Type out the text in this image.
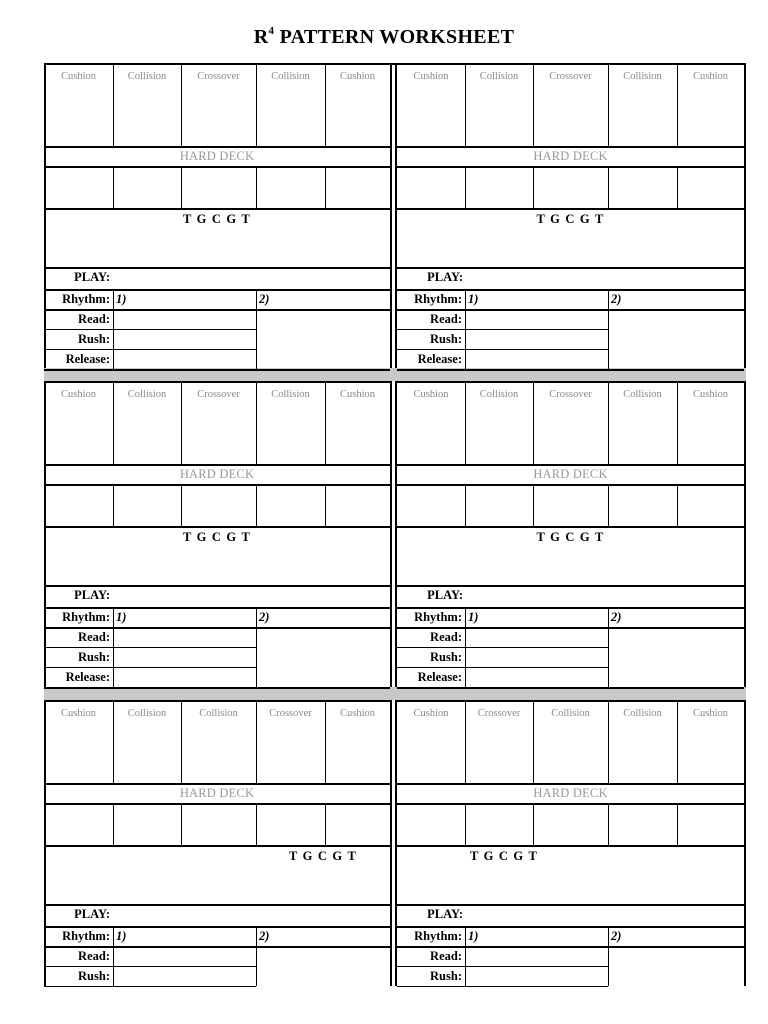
$R^4$ PATTERN WORKSHEET
Cushion	Collision	Crossover	Collision	Cushion
HARD DECK
T G C G T
PLAY:
Rhythm: 1)	2)
Read:
Rush:
Release:
Cushion	Collision	Crossover	Collision	Cushion
HARD DECK
T G C G T
PLAY:
Rhythm: 1)	2)
Read:
Rush:
Release:
Cushion	Collision	Crossover	Collision	Cushion
HARD DECK
T G C G T
PLAY:
Rhythm: 1)	2)
Read:
Rush:
Release:
Cushion	Collision	Crossover	Collision	Cushion
HARD DECK
T G C G T
PLAY:
Rhythm: 1)	2)
Read:
Rush:
Release:
Cushion	Collision	Collision	Crossover	Cushion
HARD DECK
T G C G T
PLAY:
Rhythm: 1)	2)
Read:
Rush:
Cushion	Crossover	Collision	Collision	Cushion
HARD DECK
T G C G T
PLAY:
Rhythm: 1)	2)
Read:
Rush:
